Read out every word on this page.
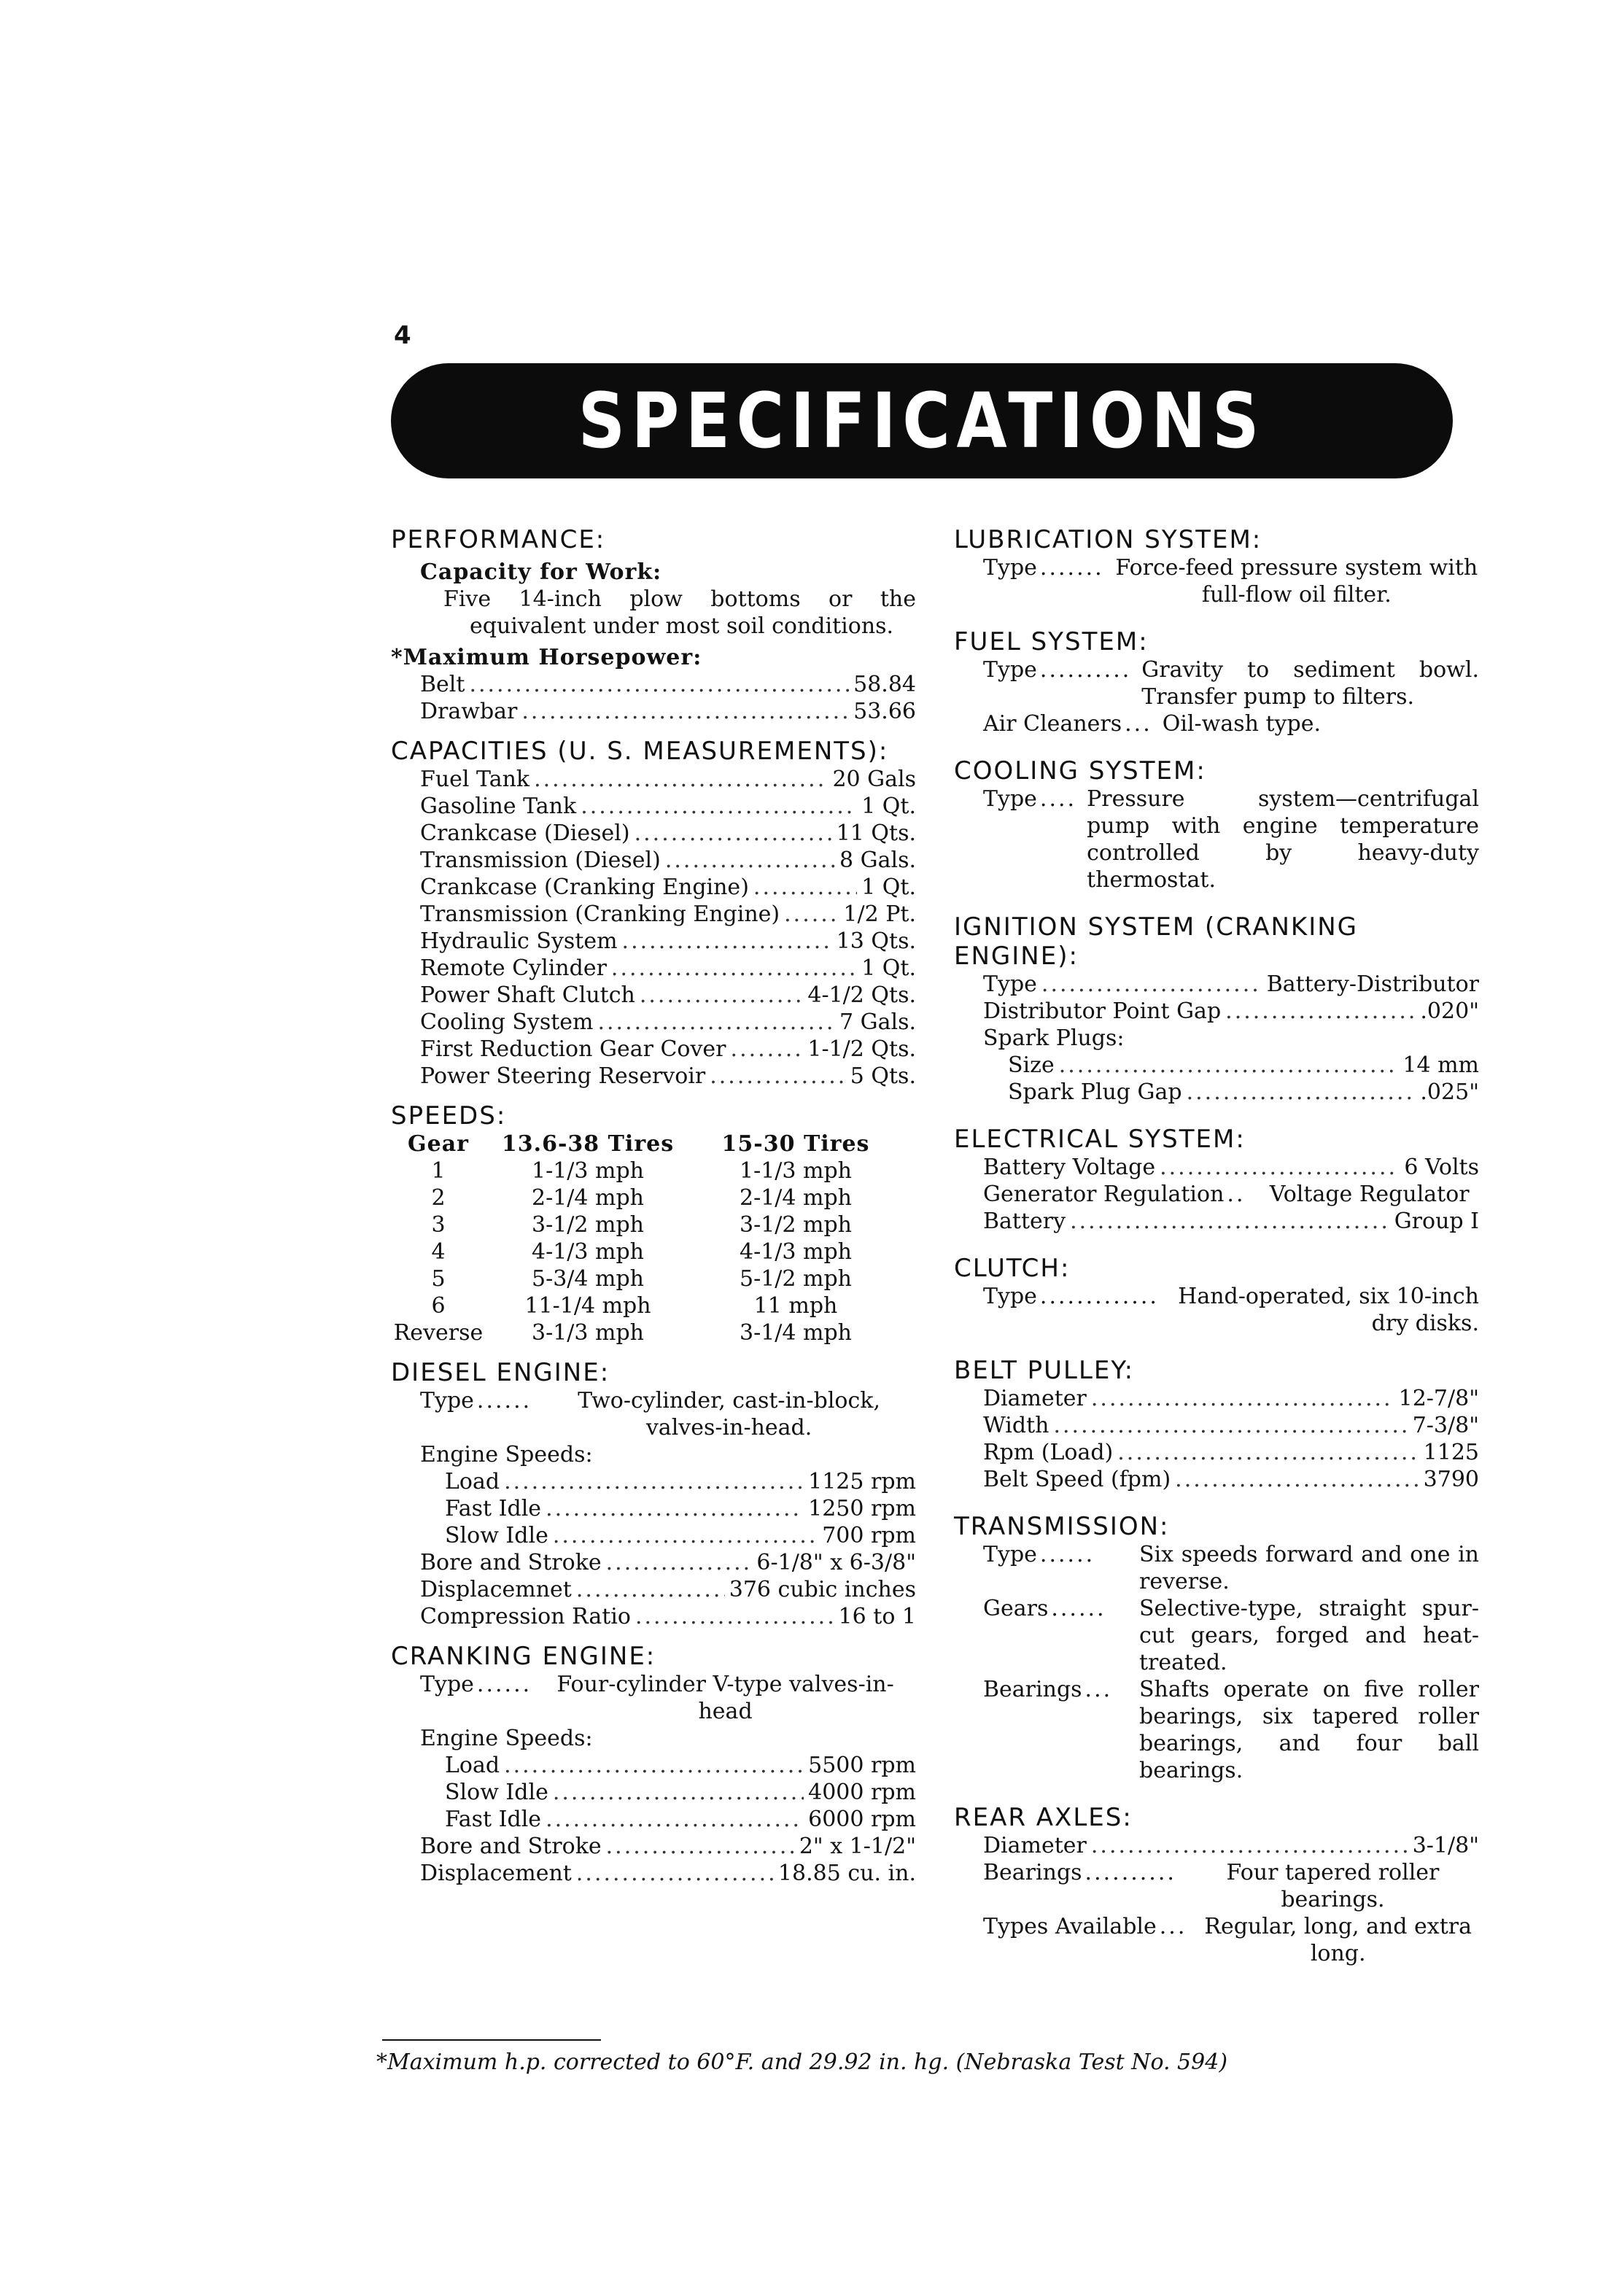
4
SPECIFICATIONS
PERFORMANCE:
Capacity for Work:
Five 14-inch plow bottoms or the equivalent under most soil conditions.
*Maximum Horsepower:
Belt .....	58.84
Drawbar .....	53.66
CAPACITIES (U. S. MEASUREMENTS):
Fuel Tank .....	20 Gals
Gasoline Tank .....	1 Qt.
Crankcase (Diesel) .....	11 Qts.
Transmission (Diesel) .....	8 Gals.
Crankcase (Cranking Engine) .....	1 Qt.
Transmission (Cranking Engine) .....	1/2 Pt.
Hydraulic System .....	13 Qts.
Remote Cylinder .....	1 Qt.
Power Shaft Clutch .....	4-1/2 Qts.
Cooling System .....	7 Gals.
First Reduction Gear Cover .....	1-1/2 Qts.
Power Steering Reservoir .....	5 Qts.
SPEEDS:
Gear	13.6-38 Tires	15-30 Tires
1	1-1/3 mph	1-1/3 mph
2	2-1/4 mph	2-1/4 mph
3	3-1/2 mph	3-1/2 mph
4	4-1/3 mph	4-1/3 mph
5	5-3/4 mph	5-1/2 mph
6	11-1/4 mph	11 mph
Reverse	3-1/3 mph	3-1/4 mph
DIESEL ENGINE:
Type ......	Two-cylinder, cast-in-block, valves-in-head.
Engine Speeds:
Load .....	1125 rpm
Fast Idle .....	1250 rpm
Slow Idle .....	700 rpm
Bore and Stroke .....	6-1/8" x 6-3/8"
Displacemnet .....	376 cubic inches
Compression Ratio .....	16 to 1
CRANKING ENGINE:
Type ......	Four-cylinder V-type valves-in-head
Engine Speeds:
Load .....	5500 rpm
Slow Idle .....	4000 rpm
Fast Idle .....	6000 rpm
Bore and Stroke .....	2" x 1-1/2"
Displacement .....	18.85 cu. in.
LUBRICATION SYSTEM:
Type ....... Force-feed pressure system with full-flow oil filter.
FUEL SYSTEM:
Type .......... Gravity to sediment bowl. Transfer pump to filters.
Air Cleaners ... Oil-wash type.
COOLING SYSTEM:
Type .... Pressure system—centrifugal pump with engine temperature controlled by heavy-duty thermostat.
IGNITION SYSTEM (CRANKING ENGINE):
Type .....	Battery-Distributor
Distributor Point Gap .....	.020"
Spark Plugs:
Size .....	14 mm
Spark Plug Gap .....	.025"
ELECTRICAL SYSTEM:
Battery Voltage .....	6 Volts
Generator Regulation ..	Voltage Regulator
Battery .....	Group I
CLUTCH:
Type ............. Hand-operated, six 10-inch dry disks.
BELT PULLEY:
Diameter .....	12-7/8"
Width .....	7-3/8"
Rpm (Load) .....	1125
Belt Speed (fpm) .....	3790
TRANSMISSION:
Type ......	Six speeds forward and one in reverse.
Gears ......	Selective-type, straight spur-cut gears, forged and heat-treated.
Bearings ...	Shafts operate on five roller bearings, six tapered roller bearings, and four ball bearings.
REAR AXLES:
Diameter .....	3-1/8"
Bearings ..........	Four tapered roller bearings.
Types Available ... Regular, long, and extra long.
*Maximum h.p. corrected to 60°F. and 29.92 in. hg. (Nebraska Test No. 594)
